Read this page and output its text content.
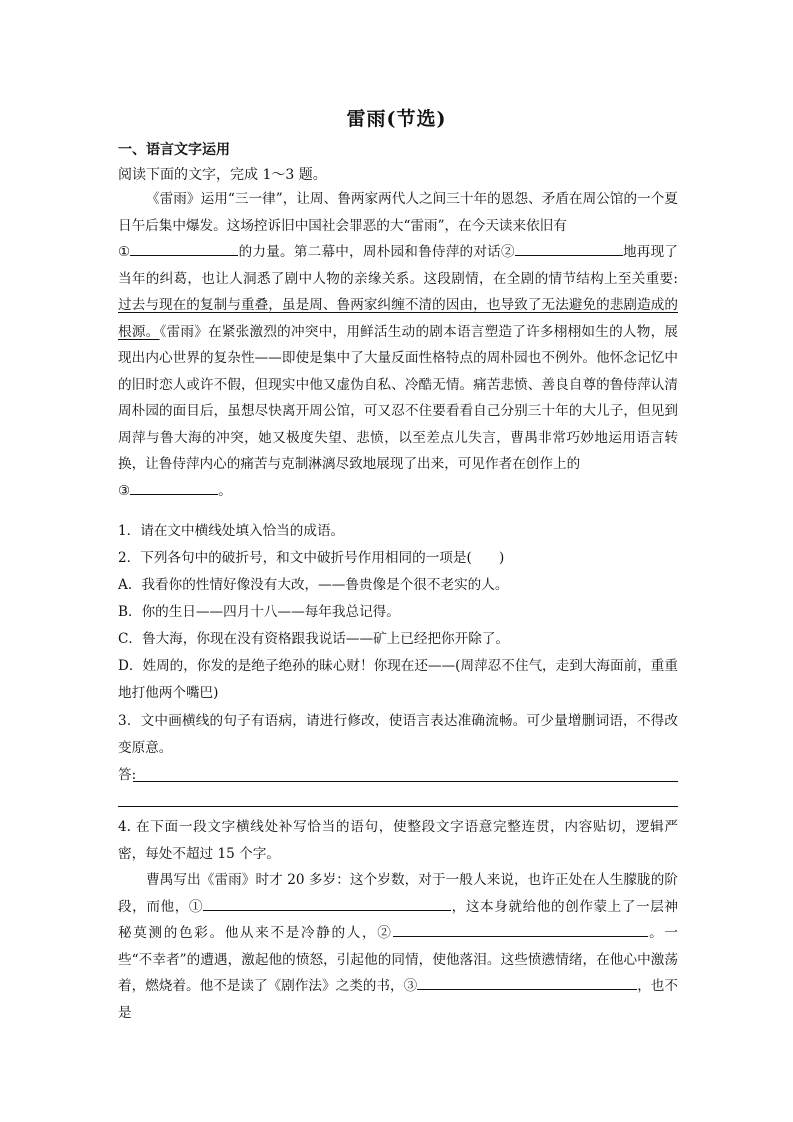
雷雨(节选)
一、语言文字运用
阅读下面的文字，完成 1～3 题。
《雷雨》运用“三一律”，让周、鲁两家两代人之间三十年的恩怨、矛盾在周公馆的一个夏日午后集中爆发。这场控诉旧中国社会罪恶的大“雷雨”，在今天读来依旧有
①	的力量。第二幕中，周朴园和鲁侍萍的对话②	地再现了当年的纠葛，也让人洞悉了剧中人物的亲缘关系。这段剧情，在全剧的情节结构上至关重要:过去与现在的复制与重叠，虽是周、鲁两家纠缠不清的因由，也导致了无法避免的悲剧造成的根源。《雷雨》在紧张激烈的冲突中，用鲜活生动的剧本语言塑造了许多栩栩如生的人物，展现出内心世界的复杂性——即使是集中了大量反面性格特点的周朴园也不例外。他怀念记忆中的旧时恋人或许不假，但现实中他又虚伪自私、冷酷无情。痛苦悲愤、善良自尊的鲁侍萍认清周朴园的面目后，虽想尽快离开周公馆，可又忍不住要看看自己分别三十年的大儿子，但见到周萍与鲁大海的冲突，她又极度失望、悲愤，以至差点儿失言，曹禺非常巧妙地运用语言转换，让鲁侍萍内心的痛苦与克制淋漓尽致地展现了出来，可见作者在创作上的
③	。
1．请在文中横线处填入恰当的成语。
2．下列各句中的破折号，和文中破折号作用相同的一项是(　　)
A．我看你的性情好像没有大改，——鲁贵像是个很不老实的人。
B．你的生日——四月十八——每年我总记得。
C．鲁大海，你现在没有资格跟我说话——矿上已经把你开除了。
D．姓周的，你发的是绝子绝孙的昧心财！你现在还——(周萍忍不住气，走到大海面前，重重地打他两个嘴巴)
3．文中画横线的句子有语病，请进行修改，使语言表达准确流畅。可少量增删词语，不得改变原意。
答:
4. 在下面一段文字横线处补写恰当的语句，使整段文字语意完整连贯，内容贴切，逻辑严密，每处不超过 15 个字。
曹禺写出《雷雨》时才 20 多岁：这个岁数，对于一般人来说，也许正处在人生朦胧的阶段，而他，①	，这本身就给他的创作蒙上了一层神秘莫测的色彩。他从来不是冷静的人，②	。一些“不幸者”的遭遇，激起他的愤怒，引起他的同情，使他落泪。这些愤懑情绪，在他心中激荡着，燃烧着。他不是读了《剧作法》之类的书，③	，也不是
